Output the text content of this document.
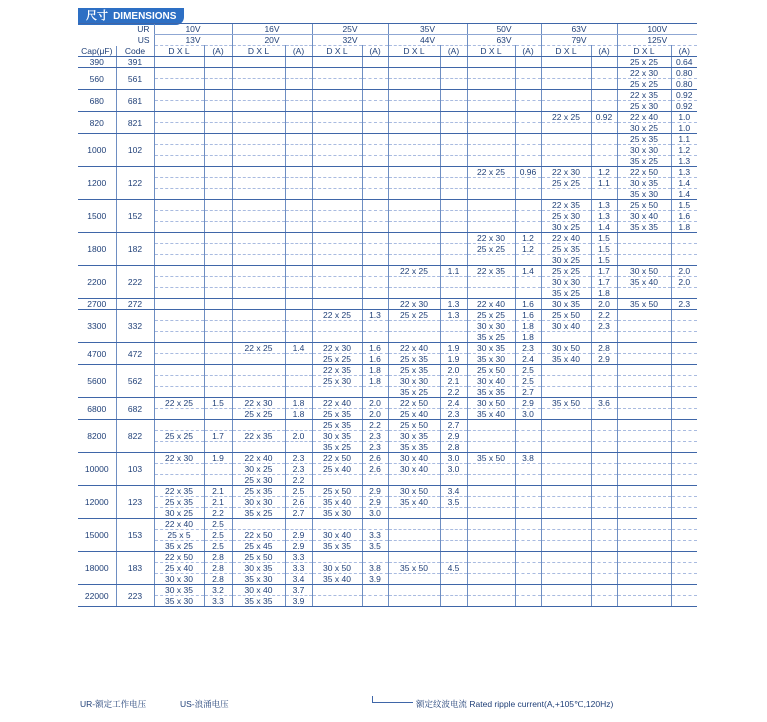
尺寸 DIMENSIONS
UR		10V		16V		25V		35V		50V		63V		100V	

US		13V		20V		32V		44V		63V		79V		125V	
Cap(μF)	Code	D X L	(A)	D X L	(A)	D X L	(A)	D X L	(A)	D X L	(A)	D X L	(A)	D X L	(A)
390	391													25 x 25	0.64
560	561													22 x 30	0.80
														25 x 25	0.80
680	681													22 x 35	0.92
														25 x 30	0.92
820	821											22 x 25	0.92	22 x 40	1.0
														30 x 25	1.0
1000	102													25 x 35	1.1
														30 x 30	1.2
														35 x 25	1.3
1200	122									22 x 25	0.96	22 x 30	1.2	22 x 50	1.3
												25 x 25	1.1	30 x 35	1.4
														35 x 30	1.4
1500	152											22 x 35	1.3	25 x 50	1.5
												25 x 30	1.3	30 x 40	1.6
												30 x 25	1.4	35 x 35	1.8
1800	182									22 x 30	1.2	22 x 40	1.5		
										25 x 25	1.2	25 x 35	1.5		
												30 x 25	1.5		
2200	222							22 x 25	1.1	22 x 35	1.4	25 x 25	1.7	30 x 50	2.0
												30 x 30	1.7	35 x 40	2.0
												35 x 25	1.8		
2700	272							22 x 30	1.3	22 x 40	1.6	30 x 35	2.0	35 x 50	2.3
3300	332					22 x 25	1.3	25 x 25	1.3	25 x 25	1.6	25 x 50	2.2		
										30 x 30	1.8	30 x 40	2.3		
										35 x 25	1.8				
4700	472			22 x 25	1.4	22 x 30	1.6	22 x 40	1.9	30 x 35	2.3	30 x 50	2.8		
						25 x 25	1.6	25 x 35	1.9	35 x 30	2.4	35 x 40	2.9		
5600	562					22 x 35	1.8	25 x 35	2.0	25 x 50	2.5				
						25 x 30	1.8	30 x 30	2.1	30 x 40	2.5				
								35 x 25	2.2	35 x 35	2.7				
6800	682	22 x 25	1.5	22 x 30	1.8	22 x 40	2.0	22 x 50	2.4	30 x 50	2.9	35 x 50	3.6		
				25 x 25	1.8	25 x 35	2.0	25 x 40	2.3	35 x 40	3.0				
8200	822					25 x 35	2.2	25 x 50	2.7						
		25 x 25	1.7	22 x 35	2.0	30 x 35	2.3	30 x 35	2.9						
						35 x 25	2.3	35 x 35	2.8						
10000	103	22 x 30	1.9	22 x 40	2.3	22 x 50	2.6	30 x 40	3.0	35 x 50	3.8				
				30 x 25	2.3	25 x 40	2.6	30 x 40	3.0						
				25 x 30	2.2										
12000	123	22 x 35	2.1	25 x 35	2.5	25 x 50	2.9	30 x 50	3.4						
		25 x 35	2.1	30 x 30	2.6	35 x 40	2.9	35 x 40	3.5						
		30 x 25	2.2	35 x 25	2.7	35 x 30	3.0								
15000	153	22 x 40	2.5												
		25 x 5	2.5	22 x 50	2.9	30 x 40	3.3								
		35 x 25	2.5	25 x 45	2.9	35 x 35	3.5								
18000	183	22 x 50	2.8	25 x 50	3.3										
		25 x 40	2.8	30 x 35	3.3	30 x 50	3.8	35 x 50	4.5						
		30 x 30	2.8	35 x 30	3.4	35 x 40	3.9								
22000	223	30 x 35	3.2	30 x 40	3.7										
		35 x 30	3.3	35 x 35	3.9										
UR-额定工作电压	US-浪涌电压	额定纹波电流 Rated ripple current(A,+105℃,120Hz)
